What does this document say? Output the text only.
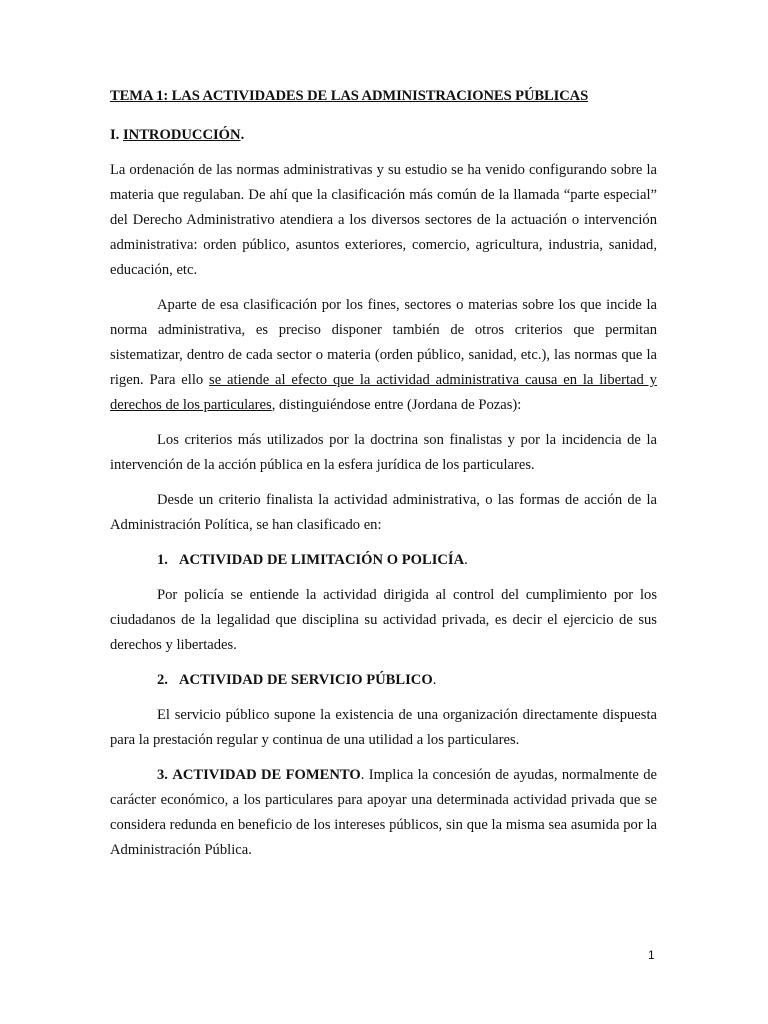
TEMA 1: LAS ACTIVIDADES DE LAS ADMINISTRACIONES PÚBLICAS
I. INTRODUCCIÓN.

La ordenación de las normas administrativas y su estudio se ha venido configurando sobre la materia que regulaban. De ahí que la clasificación más común de la llamada “parte especial” del Derecho Administrativo atendiera a los diversos sectores de la actuación o intervención administrativa: orden público, asuntos exteriores, comercio, agricultura, industria, sanidad, educación, etc.

Aparte de esa clasificación por los fines, sectores o materias sobre los que incide la norma administrativa, es preciso disponer también de otros criterios que permitan sistematizar, dentro de cada sector o materia (orden público, sanidad, etc.), las normas que la rigen. Para ello se atiende al efecto que la actividad administrativa causa en la libertad y derechos de los particulares, distinguiéndose entre (Jordana de Pozas):

Los criterios más utilizados por la doctrina son finalistas y por la incidencia de la intervención de la acción pública en la esfera jurídica de los particulares.

Desde un criterio finalista la actividad administrativa, o las formas de acción de la Administración Política, se han clasificado en:

1. ACTIVIDAD DE LIMITACIÓN O POLICÍA.

Por policía se entiende la actividad dirigida al control del cumplimiento por los ciudadanos de la legalidad que disciplina su actividad privada, es decir el ejercicio de sus derechos y libertades.

2. ACTIVIDAD DE SERVICIO PÚBLICO.

El servicio público supone la existencia de una organización directamente dispuesta para la prestación regular y continua de una utilidad a los particulares.

3. ACTIVIDAD DE FOMENTO. Implica la concesión de ayudas, normalmente de carácter económico, a los particulares para apoyar una determinada actividad privada que se considera redunda en beneficio de los intereses públicos, sin que la misma sea asumida por la Administración Pública.

1
